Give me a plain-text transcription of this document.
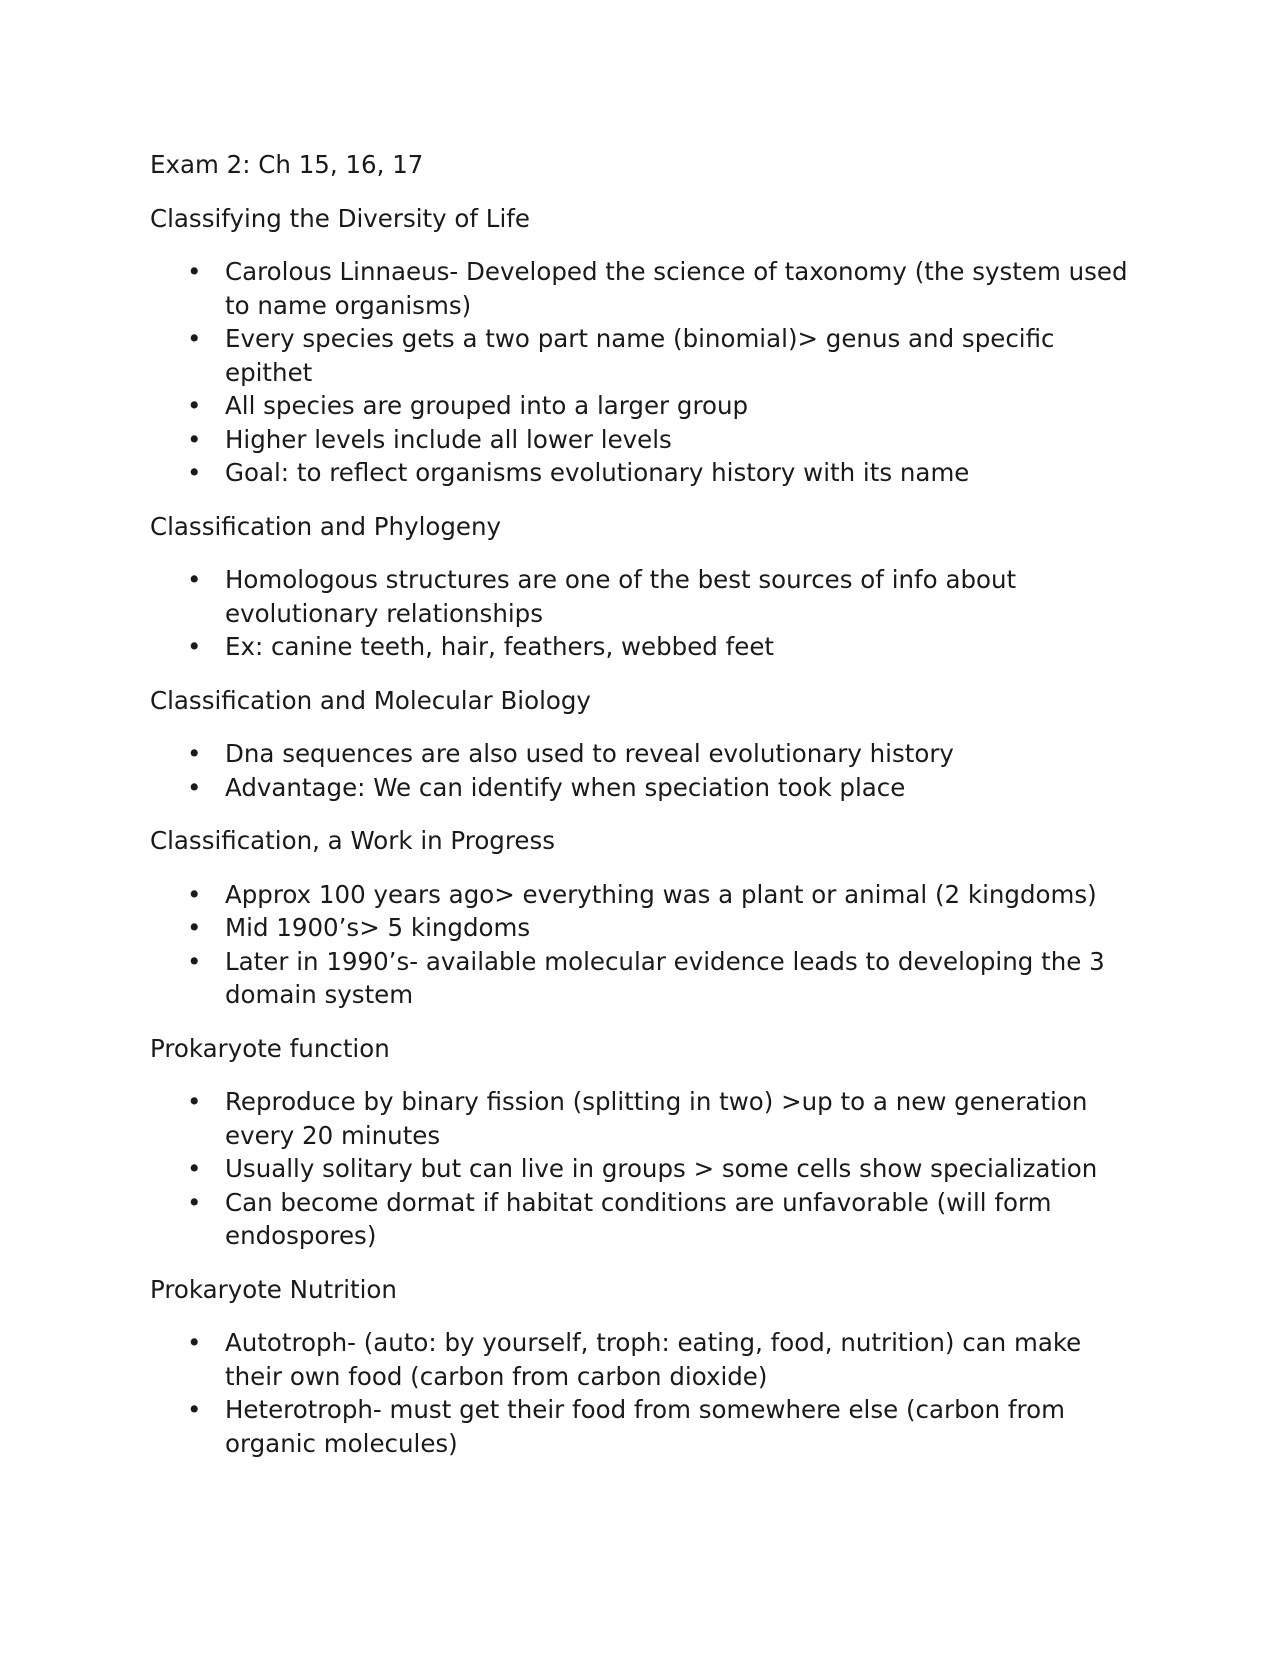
Exam 2: Ch 15, 16, 17

Classifying the Diversity of Life

• Carolous Linnaeus- Developed the science of taxonomy (the system used to name organisms)
• Every species gets a two part name (binomial)> genus and specific epithet
• All species are grouped into a larger group
• Higher levels include all lower levels
• Goal: to reflect organisms evolutionary history with its name

Classification and Phylogeny

• Homologous structures are one of the best sources of info about evolutionary relationships
• Ex: canine teeth, hair, feathers, webbed feet

Classification and Molecular Biology

• Dna sequences are also used to reveal evolutionary history
• Advantage: We can identify when speciation took place

Classification, a Work in Progress

• Approx 100 years ago> everything was a plant or animal (2 kingdoms)
• Mid 1900’s> 5 kingdoms
• Later in 1990’s- available molecular evidence leads to developing the 3 domain system

Prokaryote function

• Reproduce by binary fission (splitting in two) >up to a new generation every 20 minutes
• Usually solitary but can live in groups > some cells show specialization
• Can become dormat if habitat conditions are unfavorable (will form endospores)

Prokaryote Nutrition

• Autotroph- (auto: by yourself, troph: eating, food, nutrition) can make their own food (carbon from carbon dioxide)
• Heterotroph- must get their food from somewhere else (carbon from organic molecules)
